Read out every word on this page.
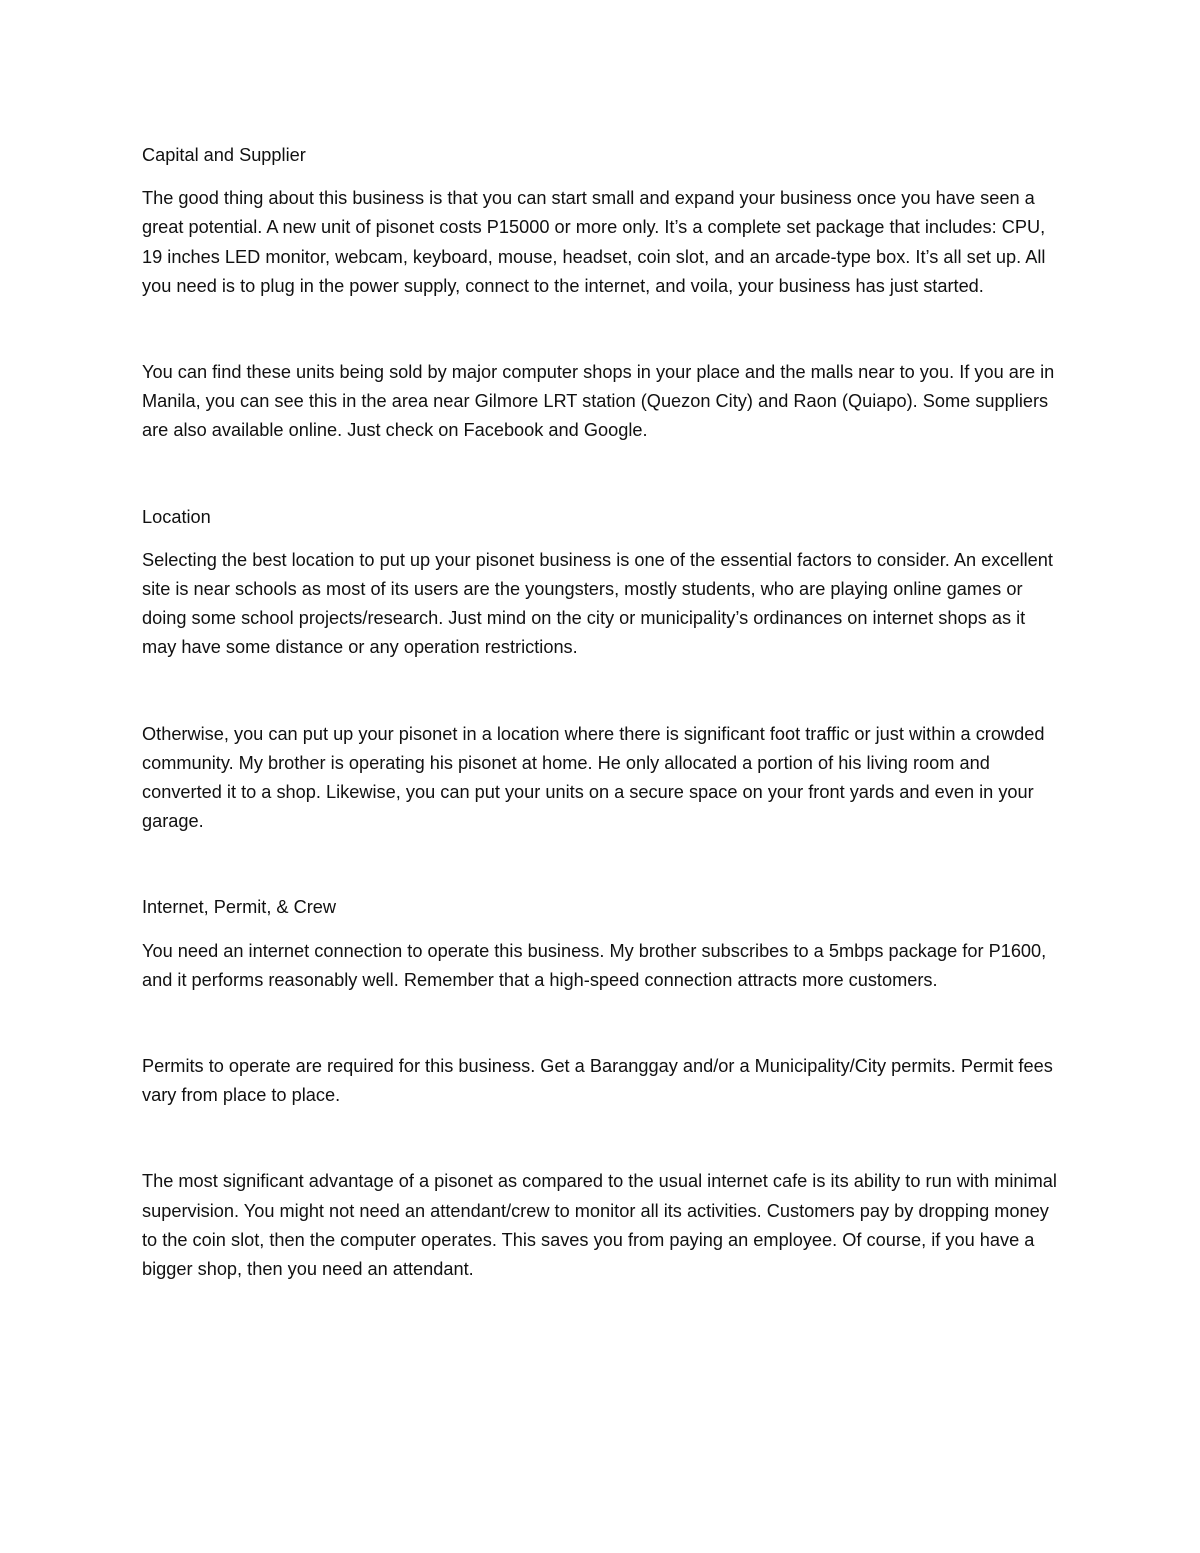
Capital and Supplier

The good thing about this business is that you can start small and expand your business once you have seen a great potential. A new unit of pisonet costs P15000 or more only. It’s a complete set package that includes: CPU, 19 inches LED monitor, webcam, keyboard, mouse, headset, coin slot, and an arcade-type box. It’s all set up. All you need is to plug in the power supply, connect to the internet, and voila, your business has just started.

You can find these units being sold by major computer shops in your place and the malls near to you. If you are in Manila, you can see this in the area near Gilmore LRT station (Quezon City) and Raon (Quiapo). Some suppliers are also available online. Just check on Facebook and Google.

Location

Selecting the best location to put up your pisonet business is one of the essential factors to consider. An excellent site is near schools as most of its users are the youngsters, mostly students, who are playing online games or doing some school projects/research. Just mind on the city or municipality’s ordinances on internet shops as it may have some distance or any operation restrictions.

Otherwise, you can put up your pisonet in a location where there is significant foot traffic or just within a crowded community. My brother is operating his pisonet at home. He only allocated a portion of his living room and converted it to a shop. Likewise, you can put your units on a secure space on your front yards and even in your garage.

Internet, Permit, & Crew

You need an internet connection to operate this business. My brother subscribes to a 5mbps package for P1600, and it performs reasonably well. Remember that a high-speed connection attracts more customers.

Permits to operate are required for this business. Get a Baranggay and/or a Municipality/City permits. Permit fees vary from place to place.

The most significant advantage of a pisonet as compared to the usual internet cafe is its ability to run with minimal supervision. You might not need an attendant/crew to monitor all its activities. Customers pay by dropping money to the coin slot, then the computer operates. This saves you from paying an employee. Of course, if you have a bigger shop, then you need an attendant.
